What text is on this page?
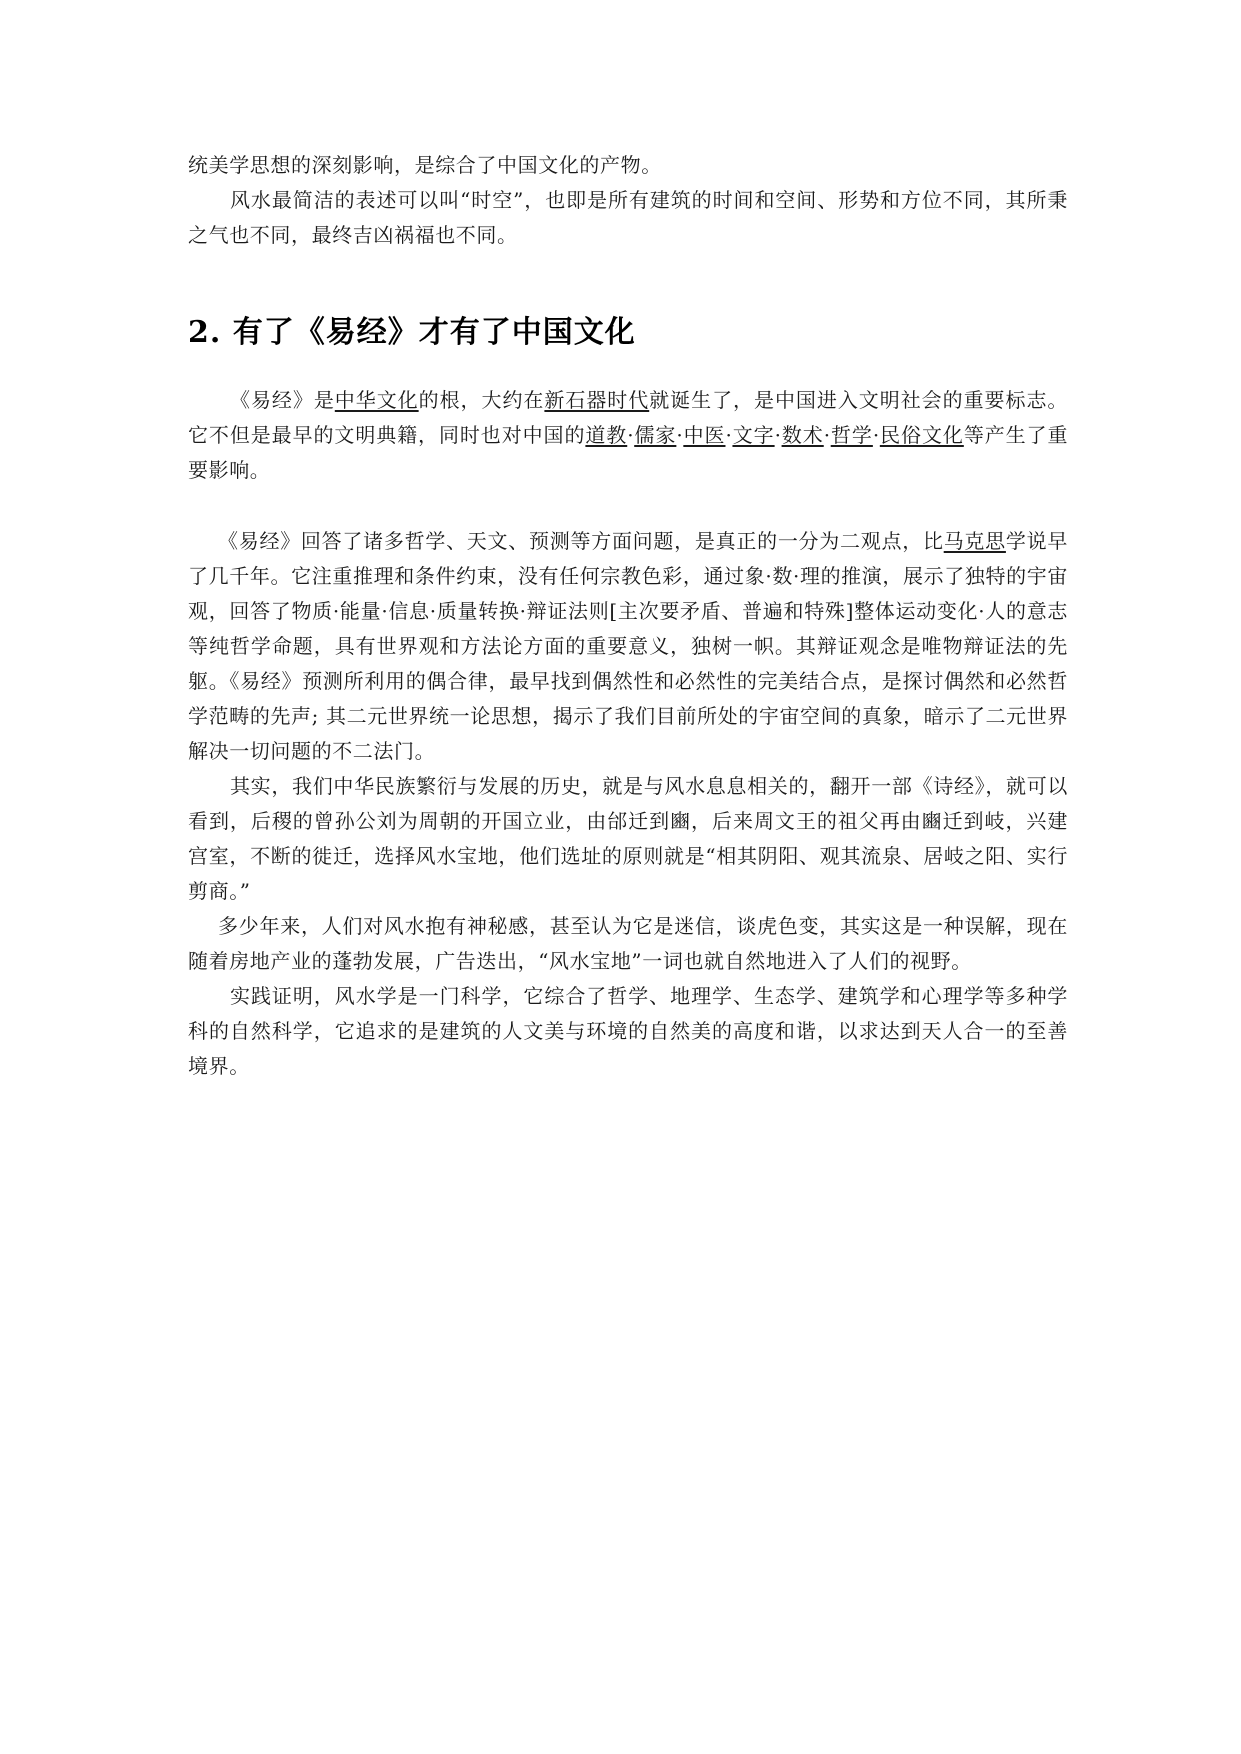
统美学思想的深刻影响，是综合了中国文化的产物。

风水最简洁的表述可以叫“时空”，也即是所有建筑的时间和空间、形势和方位不同，其所秉之气也不同，最终吉凶祸福也不同。

2. 有了《易经》才有了中国文化

《易经》是中华文化的根，大约在新石器时代就诞生了，是中国进入文明社会的重要标志。它不但是最早的文明典籍，同时也对中国的道教·儒家·中医·文字·数术·哲学·民俗文化等产生了重要影响。

《易经》回答了诸多哲学、天文、预测等方面问题，是真正的一分为二观点，比马克思学说早了几千年。它注重推理和条件约束，没有任何宗教色彩，通过象·数·理的推演，展示了独特的宇宙观，回答了物质·能量·信息·质量转换·辩证法则[主次要矛盾、普遍和特殊]整体运动变化·人的意志等纯哲学命题，具有世界观和方法论方面的重要意义，独树一帜。其辩证观念是唯物辩证法的先躯。《易经》预测所利用的偶合律，最早找到偶然性和必然性的完美结合点，是探讨偶然和必然哲学范畴的先声; 其二元世界统一论思想，揭示了我们目前所处的宇宙空间的真象，暗示了二元世界解决一切问题的不二法门。

其实，我们中华民族繁衍与发展的历史，就是与风水息息相关的，翻开一部《诗经》，就可以看到，后稷的曾孙公刘为周朝的开国立业，由邰迁到豳，后来周文王的祖父再由豳迁到岐，兴建宫室，不断的徙迁，选择风水宝地，他们选址的原则就是“相其阴阳、观其流泉、居岐之阳、实行剪商。”

多少年来，人们对风水抱有神秘感，甚至认为它是迷信，谈虎色变，其实这是一种误解，现在随着房地产业的蓬勃发展，广告迭出，“风水宝地”一词也就自然地进入了人们的视野。

实践证明，风水学是一门科学，它综合了哲学、地理学、生态学、建筑学和心理学等多种学科的自然科学，它追求的是建筑的人文美与环境的自然美的高度和谐，以求达到天人合一的至善境界。
